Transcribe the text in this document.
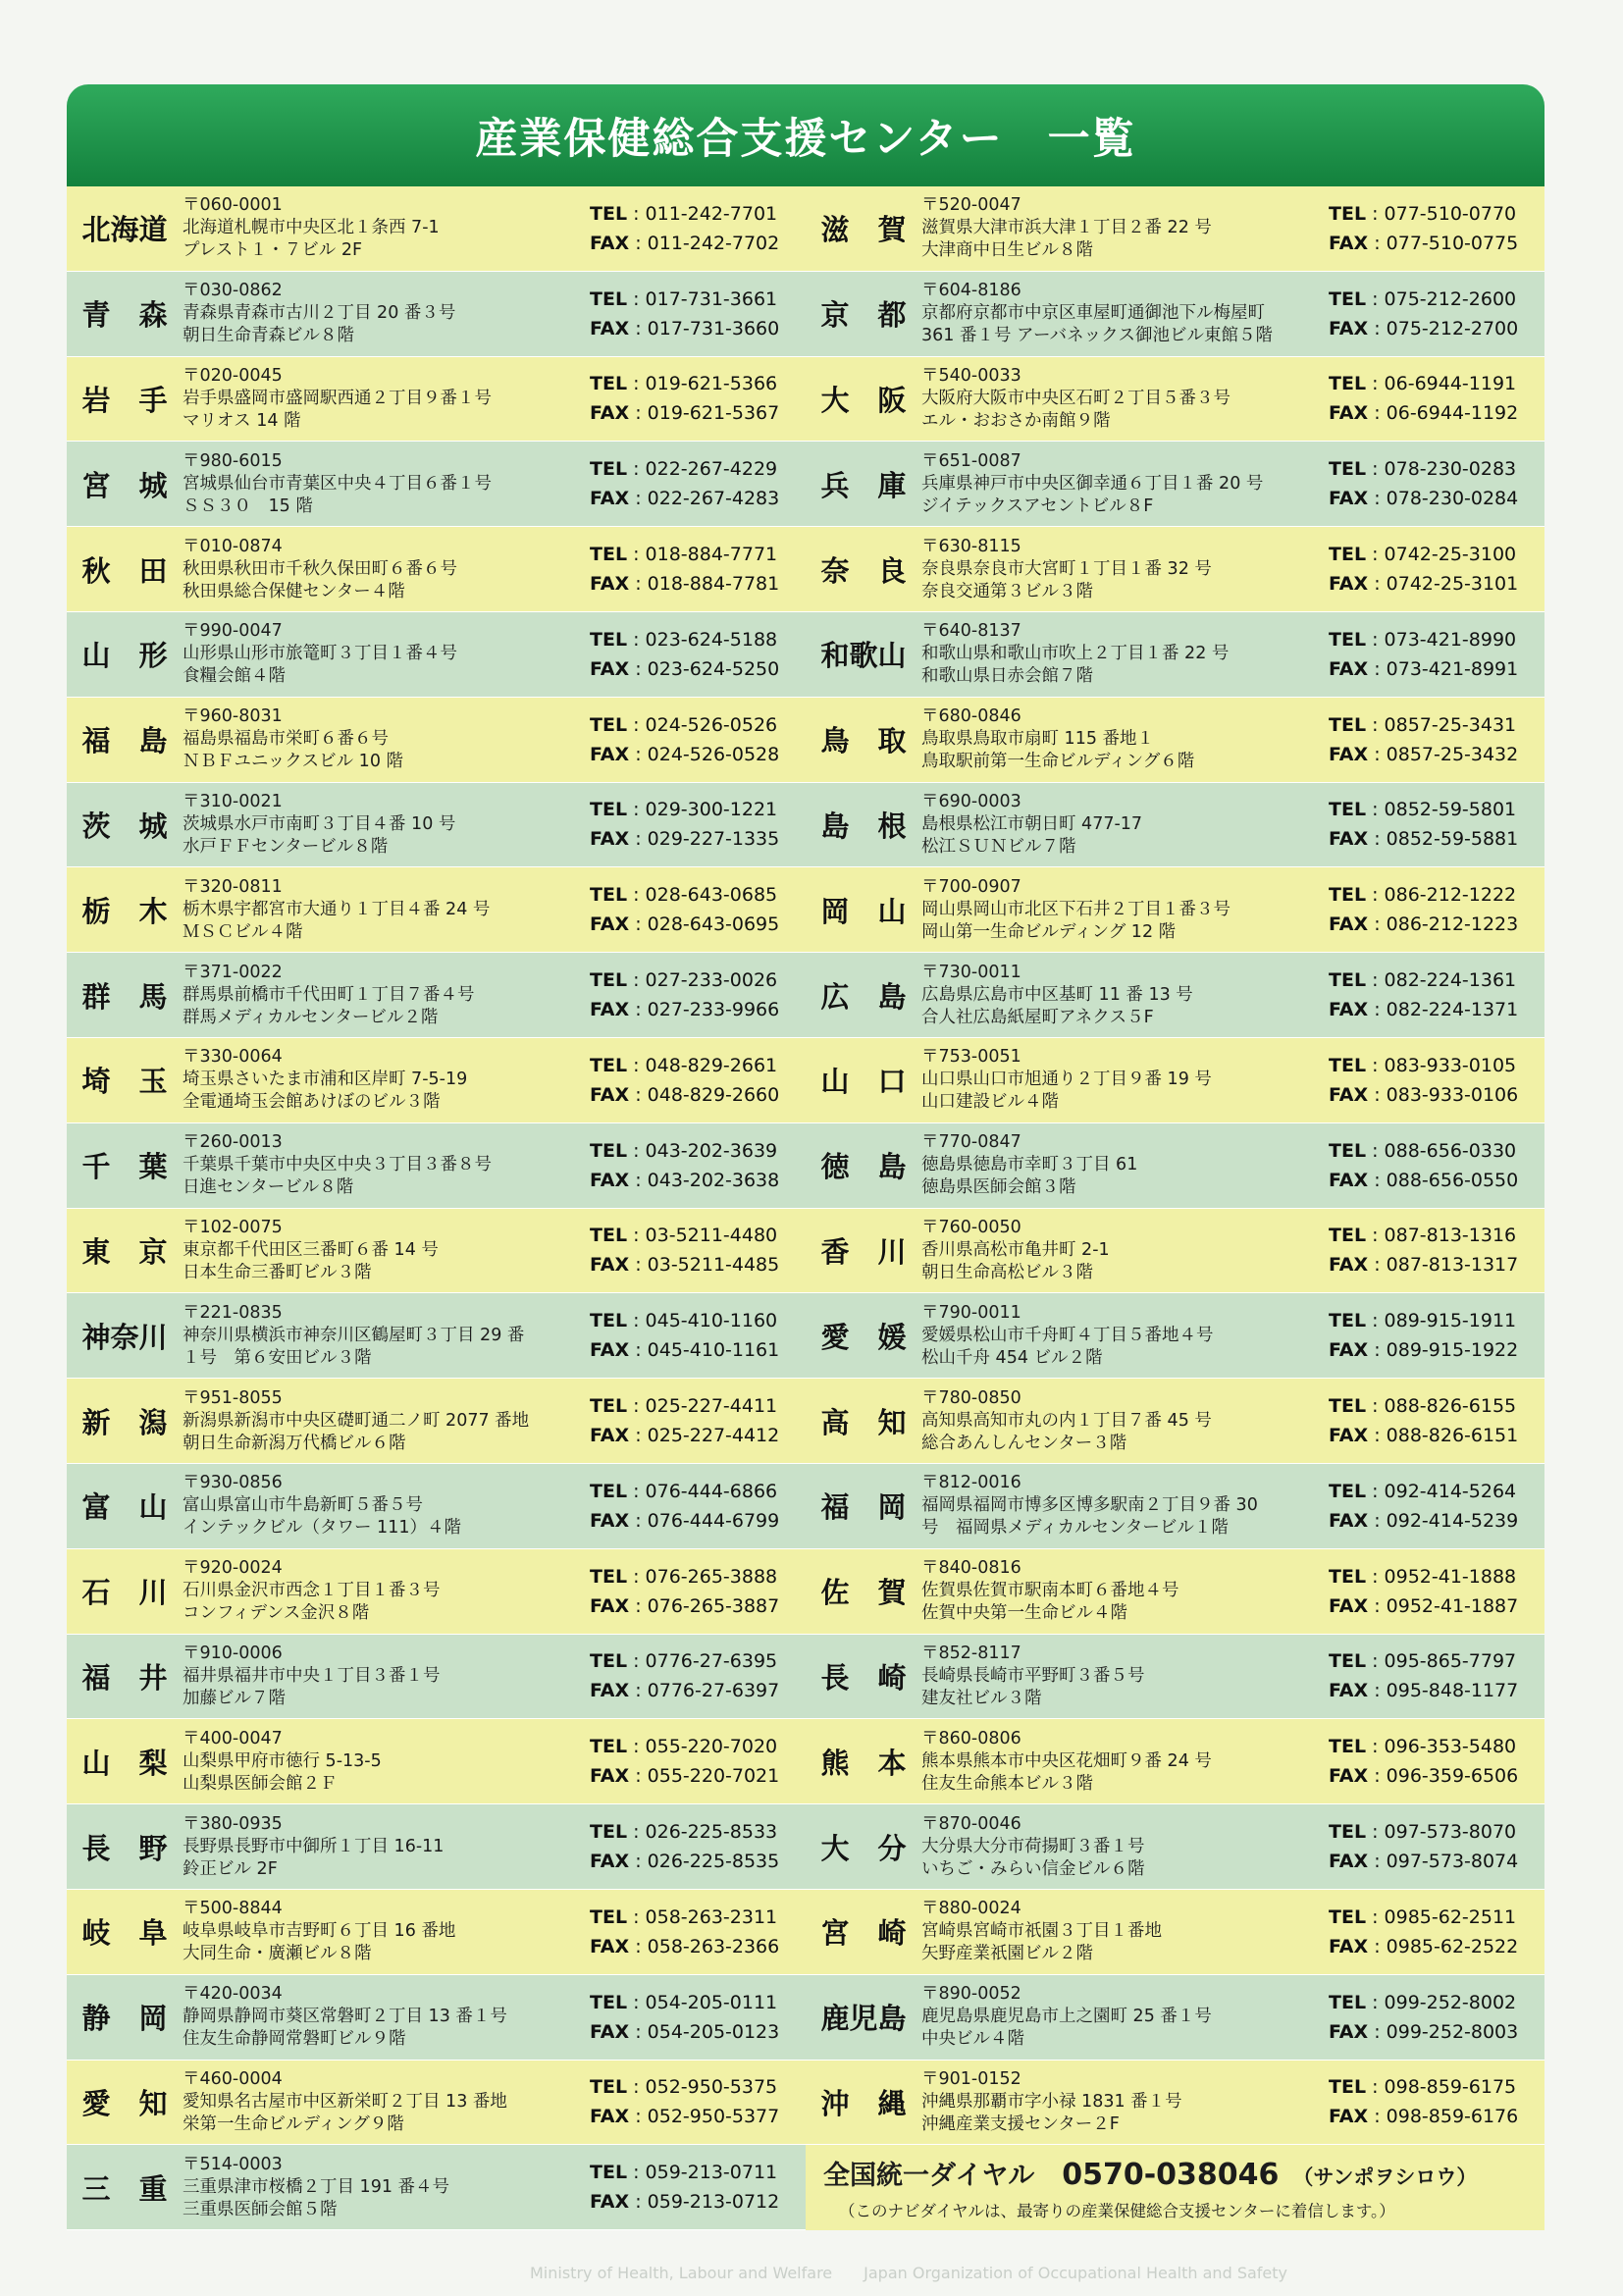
産業保健総合支援センター　一覧
北海道
〒060-0001
北海道札幌市中央区北１条西 7-1
プレスト１・７ビル 2F
TEL : 011-242-7701
FAX : 011-242-7702
青　森
〒030-0862
青森県青森市古川２丁目 20 番３号
朝日生命青森ビル８階
TEL : 017-731-3661
FAX : 017-731-3660
岩　手
〒020-0045
岩手県盛岡市盛岡駅西通２丁目９番１号
マリオス 14 階
TEL : 019-621-5366
FAX : 019-621-5367
宮　城
〒980-6015
宮城県仙台市青葉区中央４丁目６番１号
ＳＳ３０　15 階
TEL : 022-267-4229
FAX : 022-267-4283
秋　田
〒010-0874
秋田県秋田市千秋久保田町６番６号
秋田県総合保健センター４階
TEL : 018-884-7771
FAX : 018-884-7781
山　形
〒990-0047
山形県山形市旅篭町３丁目１番４号
食糧会館４階
TEL : 023-624-5188
FAX : 023-624-5250
福　島
〒960-8031
福島県福島市栄町６番６号
ＮＢＦユニックスビル 10 階
TEL : 024-526-0526
FAX : 024-526-0528
茨　城
〒310-0021
茨城県水戸市南町３丁目４番 10 号
水戸ＦＦセンタービル８階
TEL : 029-300-1221
FAX : 029-227-1335
栃　木
〒320-0811
栃木県宇都宮市大通り１丁目４番 24 号
ＭＳＣビル４階
TEL : 028-643-0685
FAX : 028-643-0695
群　馬
〒371-0022
群馬県前橋市千代田町１丁目７番４号
群馬メディカルセンタービル２階
TEL : 027-233-0026
FAX : 027-233-9966
埼　玉
〒330-0064
埼玉県さいたま市浦和区岸町 7-5-19
全電通埼玉会館あけぼのビル３階
TEL : 048-829-2661
FAX : 048-829-2660
千　葉
〒260-0013
千葉県千葉市中央区中央３丁目３番８号
日進センタービル８階
TEL : 043-202-3639
FAX : 043-202-3638
東　京
〒102-0075
東京都千代田区三番町６番 14 号
日本生命三番町ビル３階
TEL : 03-5211-4480
FAX : 03-5211-4485
神奈川
〒221-0835
神奈川県横浜市神奈川区鶴屋町３丁目 29 番
１号　第６安田ビル３階
TEL : 045-410-1160
FAX : 045-410-1161
新　潟
〒951-8055
新潟県新潟市中央区礎町通二ノ町 2077 番地
朝日生命新潟万代橋ビル６階
TEL : 025-227-4411
FAX : 025-227-4412
富　山
〒930-0856
富山県富山市牛島新町５番５号
インテックビル（タワー 111）４階
TEL : 076-444-6866
FAX : 076-444-6799
石　川
〒920-0024
石川県金沢市西念１丁目１番３号
コンフィデンス金沢８階
TEL : 076-265-3888
FAX : 076-265-3887
福　井
〒910-0006
福井県福井市中央１丁目３番１号
加藤ビル７階
TEL : 0776-27-6395
FAX : 0776-27-6397
山　梨
〒400-0047
山梨県甲府市徳行 5-13-5
山梨県医師会館２Ｆ
TEL : 055-220-7020
FAX : 055-220-7021
長　野
〒380-0935
長野県長野市中御所１丁目 16-11
鈴正ビル 2F
TEL : 026-225-8533
FAX : 026-225-8535
岐　阜
〒500-8844
岐阜県岐阜市吉野町６丁目 16 番地
大同生命・廣瀬ビル８階
TEL : 058-263-2311
FAX : 058-263-2366
静　岡
〒420-0034
静岡県静岡市葵区常磐町２丁目 13 番１号
住友生命静岡常磐町ビル９階
TEL : 054-205-0111
FAX : 054-205-0123
愛　知
〒460-0004
愛知県名古屋市中区新栄町２丁目 13 番地
栄第一生命ビルディング９階
TEL : 052-950-5375
FAX : 052-950-5377
三　重
〒514-0003
三重県津市桜橋２丁目 191 番４号
三重県医師会館５階
TEL : 059-213-0711
FAX : 059-213-0712
滋　賀
〒520-0047
滋賀県大津市浜大津１丁目２番 22 号
大津商中日生ビル８階
TEL : 077-510-0770
FAX : 077-510-0775
京　都
〒604-8186
京都府京都市中京区車屋町通御池下ル梅屋町
361 番１号 アーバネックス御池ビル東館５階
TEL : 075-212-2600
FAX : 075-212-2700
大　阪
〒540-0033
大阪府大阪市中央区石町２丁目５番３号
エル・おおさか南館９階
TEL : 06-6944-1191
FAX : 06-6944-1192
兵　庫
〒651-0087
兵庫県神戸市中央区御幸通６丁目１番 20 号
ジイテックスアセントビル８F
TEL : 078-230-0283
FAX : 078-230-0284
奈　良
〒630-8115
奈良県奈良市大宮町１丁目１番 32 号
奈良交通第３ビル３階
TEL : 0742-25-3100
FAX : 0742-25-3101
和歌山
〒640-8137
和歌山県和歌山市吹上２丁目１番 22 号
和歌山県日赤会館７階
TEL : 073-421-8990
FAX : 073-421-8991
鳥　取
〒680-0846
鳥取県鳥取市扇町 115 番地１
鳥取駅前第一生命ビルディング６階
TEL : 0857-25-3431
FAX : 0857-25-3432
島　根
〒690-0003
島根県松江市朝日町 477-17
松江ＳＵＮビル７階
TEL : 0852-59-5801
FAX : 0852-59-5881
岡　山
〒700-0907
岡山県岡山市北区下石井２丁目１番３号
岡山第一生命ビルディング 12 階
TEL : 086-212-1222
FAX : 086-212-1223
広　島
〒730-0011
広島県広島市中区基町 11 番 13 号
合人社広島紙屋町アネクス５F
TEL : 082-224-1361
FAX : 082-224-1371
山　口
〒753-0051
山口県山口市旭通り２丁目９番 19 号
山口建設ビル４階
TEL : 083-933-0105
FAX : 083-933-0106
徳　島
〒770-0847
徳島県徳島市幸町３丁目 61
徳島県医師会館３階
TEL : 088-656-0330
FAX : 088-656-0550
香　川
〒760-0050
香川県高松市亀井町 2-1
朝日生命高松ビル３階
TEL : 087-813-1316
FAX : 087-813-1317
愛　媛
〒790-0011
愛媛県松山市千舟町４丁目５番地４号
松山千舟 454 ビル２階
TEL : 089-915-1911
FAX : 089-915-1922
高　知
〒780-0850
高知県高知市丸の内１丁目７番 45 号
総合あんしんセンター３階
TEL : 088-826-6155
FAX : 088-826-6151
福　岡
〒812-0016
福岡県福岡市博多区博多駅南２丁目９番 30
号　福岡県メディカルセンタービル１階
TEL : 092-414-5264
FAX : 092-414-5239
佐　賀
〒840-0816
佐賀県佐賀市駅南本町６番地４号
佐賀中央第一生命ビル４階
TEL : 0952-41-1888
FAX : 0952-41-1887
長　崎
〒852-8117
長崎県長崎市平野町３番５号
建友社ビル３階
TEL : 095-865-7797
FAX : 095-848-1177
熊　本
〒860-0806
熊本県熊本市中央区花畑町９番 24 号
住友生命熊本ビル３階
TEL : 096-353-5480
FAX : 096-359-6506
大　分
〒870-0046
大分県大分市荷揚町３番１号
いちご・みらい信金ビル６階
TEL : 097-573-8070
FAX : 097-573-8074
宮　崎
〒880-0024
宮崎県宮崎市祇園３丁目１番地
矢野産業祇園ビル２階
TEL : 0985-62-2511
FAX : 0985-62-2522
鹿児島
〒890-0052
鹿児島県鹿児島市上之園町 25 番１号
中央ビル４階
TEL : 099-252-8002
FAX : 099-252-8003
沖　縄
〒901-0152
沖縄県那覇市字小禄 1831 番１号
沖縄産業支援センター２F
TEL : 098-859-6175
FAX : 098-859-6176
全国統一ダイヤル 0570-038046 （サンポヲシロウ）
（このナビダイヤルは、最寄りの産業保健総合支援センターに着信します。）
Ministry of Health, Labour and Welfare　　Japan Organization of Occupational Health and Safety
